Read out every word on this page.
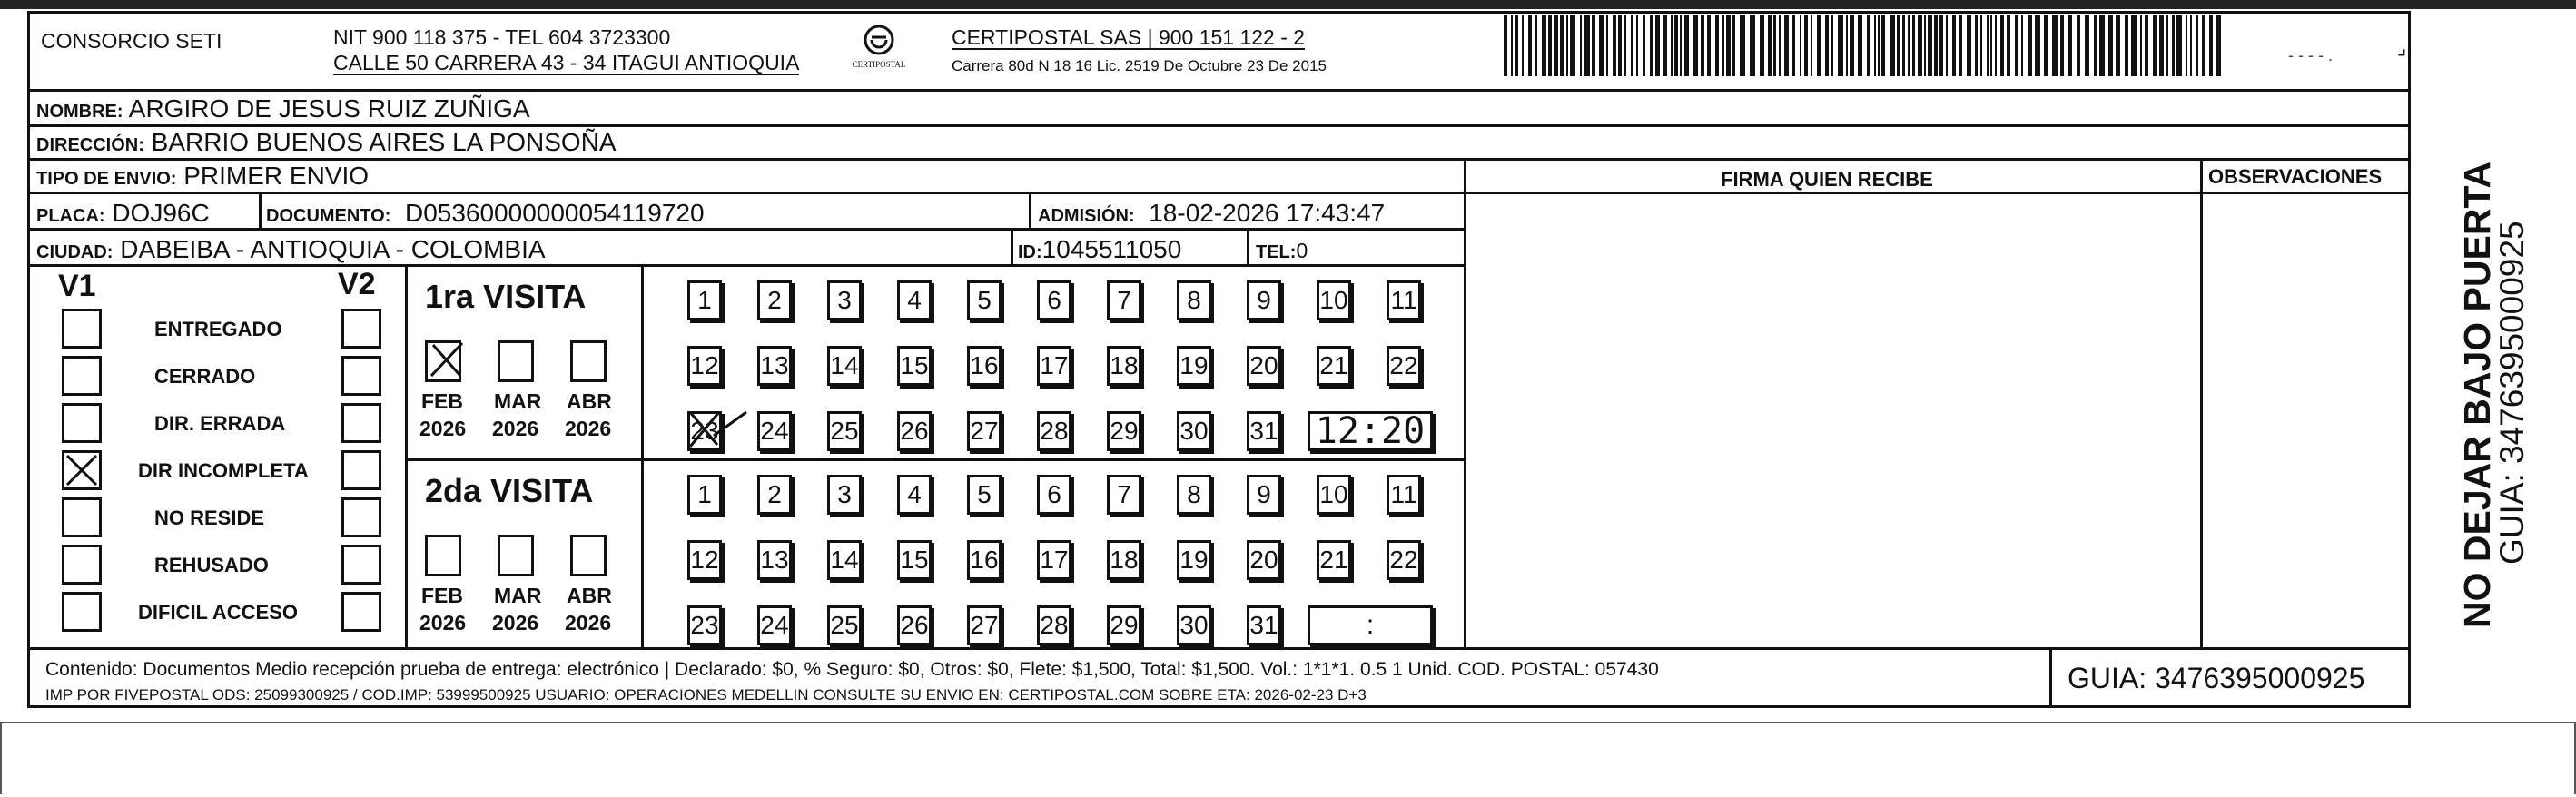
CONSORCIO SETI	NIT 900 118 375 - TEL 604 3723300
CALLE 50 CARRERA 43 - 34 ITAGUI ANTIOQUIA	CERTIPOSTAL
CERTIPOSTAL SAS | 900 151 122 - 2
Carrera 80d N 18 16 Lic. 2519 De Octubre 23 De 2015
- - - - .	⌟
NOMBRE: ARGIRO DE JESUS RUIZ ZUÑIGA
DIRECCIÓN: BARRIO BUENOS AIRES LA PONSOÑA
TIPO DE ENVIO: PRIMER ENVIO
PLACA: DOJ96C	DOCUMENTO: D05360000000054119720	ADMISIÓN: 18-02-2026 17:43:47
CIUDAD: DABEIBA - ANTIOQUIA - COLOMBIA	ID:1045511050	TEL:0
FIRMA QUIEN RECIBE	OBSERVACIONES
V1	V2
ENTREGADO
CERRADO
DIR. ERRADA
DIR INCOMPLETA
NO RESIDE
REHUSADO
DIFICIL ACCESO
1ra VISITA
FEB
2026
MAR
2026
ABR
2026
1 2 3 4 5 6 7 8 9 10 11
12 13 14 15 16 17 18 19 20 21 22
23 24 25 26 27 28 29 30 31 12:20
2da VISITA
FEB
2026
MAR
2026
ABR
2026
1 2 3 4 5 6 7 8 9 10 11
12 13 14 15 16 17 18 19 20 21 22
23 24 25 26 27 28 29 30 31	:
Contenido: Documentos Medio recepción prueba de entrega: electrónico | Declarado: $0, % Seguro: $0, Otros: $0, Flete: $1,500, Total: $1,500. Vol.: 1*1*1. 0.5 1 Unid. COD. POSTAL: 057430
IMP POR FIVEPOSTAL ODS: 25099300925 / COD.IMP: 53999500925 USUARIO: OPERACIONES MEDELLIN CONSULTE SU ENVIO EN: CERTIPOSTAL.COM SOBRE ETA: 2026-02-23 D+3
GUIA: 3476395000925
NO DEJAR BAJO PUERTA
GUIA: 3476395000925
